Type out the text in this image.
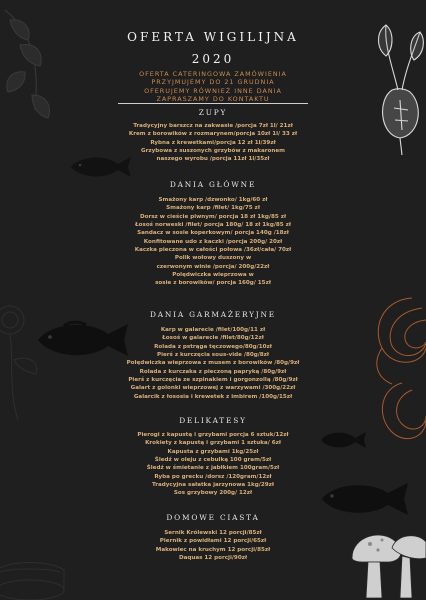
OFERTA WIGILIJNA
2020
OFERTA CATERINGOWA ZAMÓWIENIA
PRZYJMUJEMY DO 21 GRUDNIA
OFERUJEMY RÓWNIEŻ INNE DANIA
ZAPRASZAMY DO KONTAKTU
ZUPY
Tradycyjny barszcz na zakwasie /porcja 7zł 1l/ 21zł
Krem z borowików z rozmarynem/porcja 10zł 1l/ 33 zł
Rybna z krewetkami/porcja 12 zł 1l/39zł
Grzybowa z suszonych grzybów z makaronem
naszego wyrobu /porcja 11zł 1l/35zł
DANIA GŁÓWNE
Smażony karp /dzwonko/ 1kg/60 zł
Smażony karp /filet/ 1kg/75 zł
Dorsz w cieście piwnym/ porcja 18 zł 1kg/85 zł
Łosoś norweski /filet/ porcja 180g/ 18 zł 1kg/85 zł
Sandacz w sosie koperkowym/ porcja 140g /18zł
Konfitowane udo z kaczki /porcja 200g/ 20zł
Kaczka pieczona w całości połowa /36zł/cała/ 70zł
Polik wołowy duszony w
czerwonym winie /porcja/ 200g/22zł
Polędwiczka wieprzowa w
sosie z borowików/ porcja 160g/ 15zł
DANIA GARMAŻERYJNE
Karp w galarecie /filet/100g/11 zł
Łosoś w galarecie /filet/80g/12zł
Rolada z pstrąga tęczowego/80g/10zł
Pierś z kurczęcia sous-vide /80g/8zł
Polędwiczka wieprzowa z musem z borowików /80g/9zł
Rolada z kurczaka z pieczoną papryką /80g/9zł
Pierś z kurczęcia ze szpinakiem i gorgonzollą /80g/9zł
Galart z golonki wieprzowej z warzywami /300g/22zł
Galarcik z łososia i krewetek z imbirem /100g/15zł
DELIKATESY
Pierogi z kapustą i grzybami porcja 6 sztuk/12zł
Krokiety z kapustą i grzybami 1 sztuka/ 6zł
Kapusta z grzybami 1kg/25zł
Śledź w oleju z cebulką 100 gram/5zł
Śledź w śmietanie z jabłkiem 100gram/5zł
Ryba po grecku /dorsz /120gram/12zł
Tradycyjna sałatka jarzynowa 1kg/29zł
Sos grzybowy 200g/ 12zł
DOMOWE CIASTA
Sernik Królewski 12 porcji/85zł
Piernik z powidłami 12 porcji/65zł
Makowiec na kruchym 12 porcji/85zł
Daquas 12 porcji/90zł
